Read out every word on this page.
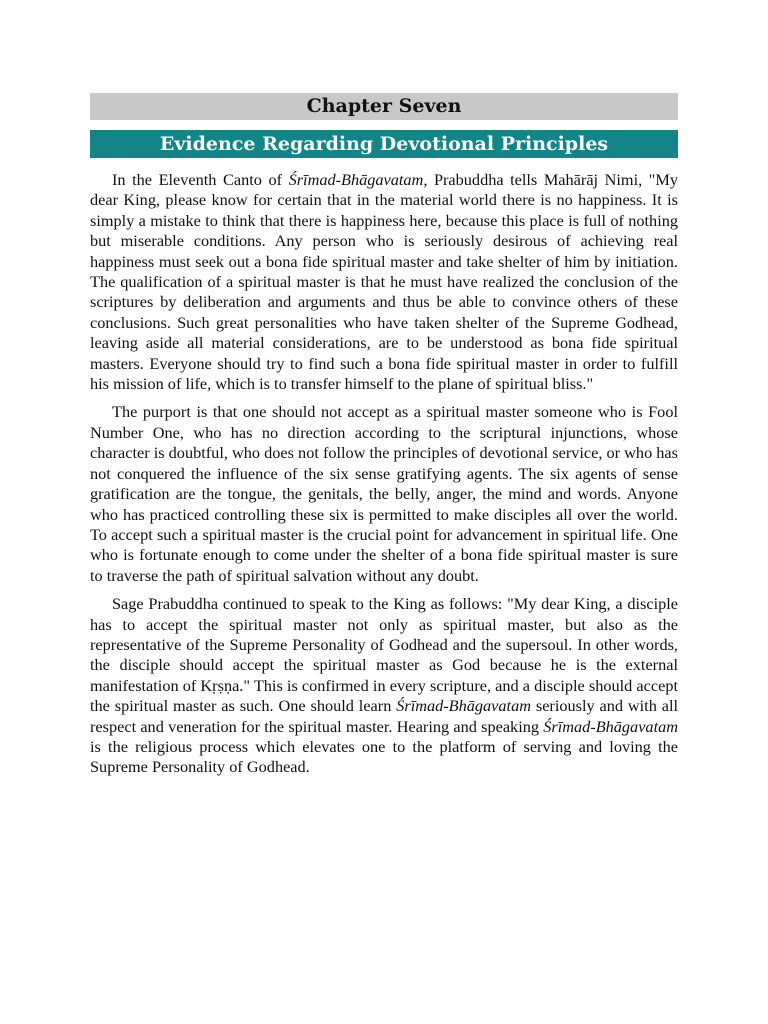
Chapter Seven
Evidence Regarding Devotional Principles

In the Eleventh Canto of Śrīmad-Bhāgavatam, Prabuddha tells Mahārāj Nimi, "My dear King, please know for certain that in the material world there is no happiness. It is simply a mistake to think that there is happiness here, because this place is full of nothing but miserable conditions. Any person who is seriously desirous of achieving real happiness must seek out a bona fide spiritual master and take shelter of him by initiation. The qualification of a spiritual master is that he must have realized the conclusion of the scriptures by deliberation and arguments and thus be able to convince others of these conclusions. Such great personalities who have taken shelter of the Supreme Godhead, leaving aside all material considerations, are to be understood as bona fide spiritual masters. Everyone should try to find such a bona fide spiritual master in order to fulfill his mission of life, which is to transfer himself to the plane of spiritual bliss."

The purport is that one should not accept as a spiritual master someone who is Fool Number One, who has no direction according to the scriptural injunctions, whose character is doubtful, who does not follow the principles of devotional service, or who has not conquered the influence of the six sense gratifying agents. The six agents of sense gratification are the tongue, the genitals, the belly, anger, the mind and words. Anyone who has practiced controlling these six is permitted to make disciples all over the world. To accept such a spiritual master is the crucial point for advancement in spiritual life. One who is fortunate enough to come under the shelter of a bona fide spiritual master is sure to traverse the path of spiritual salvation without any doubt.

Sage Prabuddha continued to speak to the King as follows: "My dear King, a disciple has to accept the spiritual master not only as spiritual master, but also as the representative of the Supreme Personality of Godhead and the supersoul. In other words, the disciple should accept the spiritual master as God because he is the external manifestation of Kṛṣṇa." This is confirmed in every scripture, and a disciple should accept the spiritual master as such. One should learn Śrīmad-Bhāgavatam seriously and with all respect and veneration for the spiritual master. Hearing and speaking Śrīmad-Bhāgavatam is the religious process which elevates one to the platform of serving and loving the Supreme Personality of Godhead.
